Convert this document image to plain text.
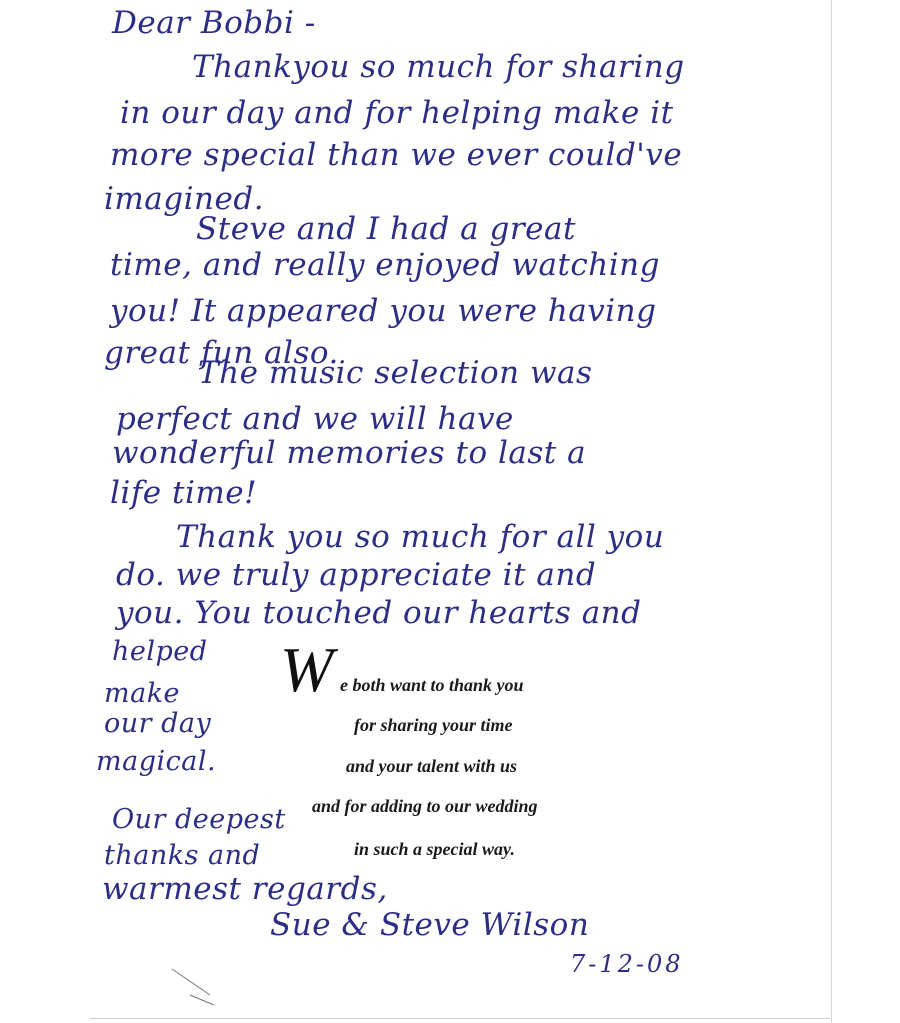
Dear Bobbi -
Thankyou so much for sharing
in our day and for helping make it
more special than we ever could've
imagined.
Steve and I had a great
time, and really enjoyed watching
you! It appeared you were having
great fun also.
The music selection was
perfect and we will have
wonderful memories to last a
life time!
Thank you so much for all you
do. we truly appreciate it and
you. You touched our hearts and
helped
make
our day
magical.
Our deepest
thanks and
warmest regards,
Sue & Steve Wilson
7-12-08
W e both want to thank you
for sharing your time
and your talent with us
and for adding to our wedding
in such a special way.
